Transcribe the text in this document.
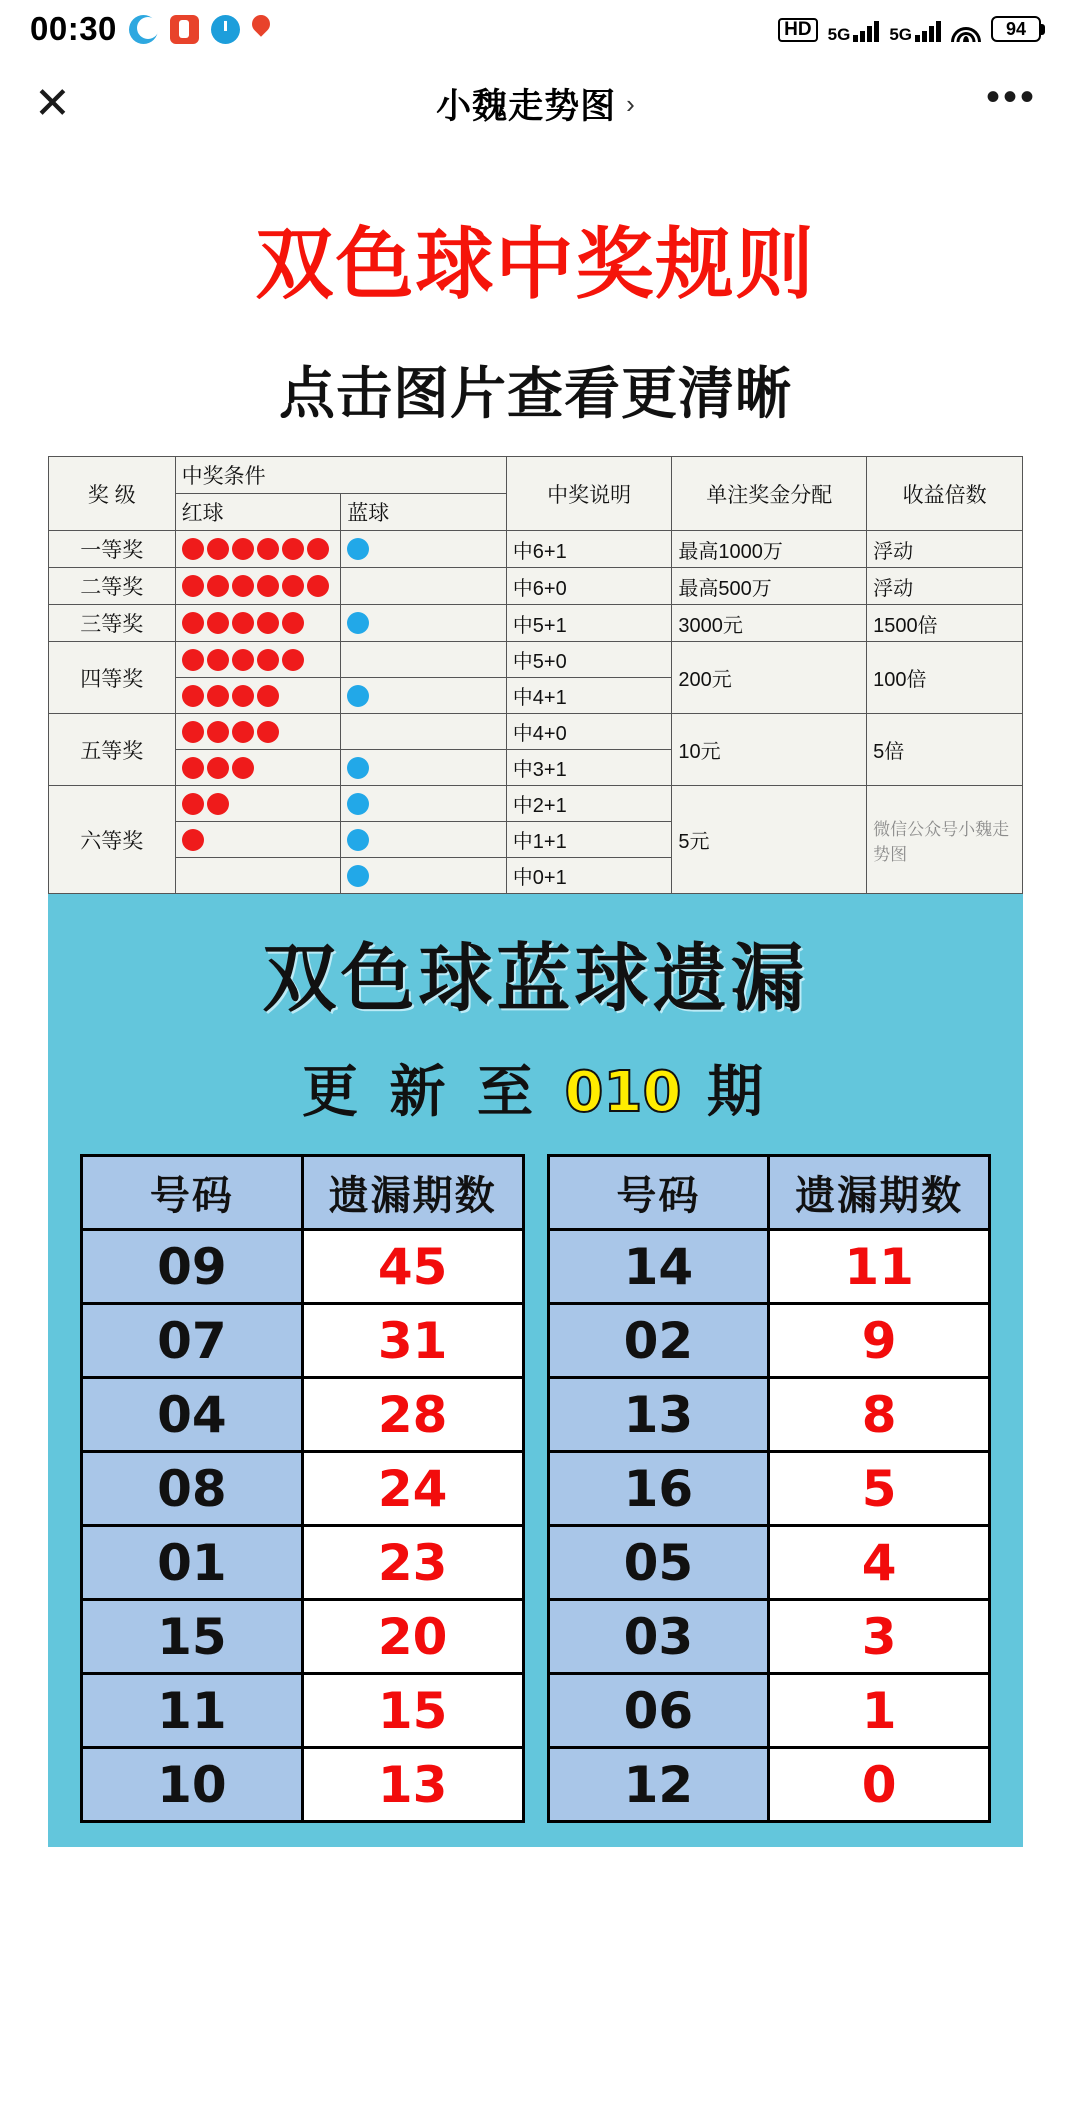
00:30	HD 5G 5G ▲	94
✕	小魏走势图 ›	•••
双色球中奖规则
点击图片查看更清晰
奖 级	中奖条件		中奖说明	单注奖金分配	收益倍数
	红球	蓝球			
一等奖			中6+1	最高1000万	浮动
二等奖			中6+0	最高500万	浮动
三等奖			中5+1	3000元	1500倍
四等奖			中5+0	200元	100倍

		中4+1		
五等奖			中4+0	10元	5倍

		中3+1		
六等奖			中2+1	5元	微信公众号小魏走势图

		中1+1		

		中0+1		
双色球蓝球遗漏
更 新 至 010 期
号码	遗漏期数
09	45
07	31
04	28
08	24
01	23
15	20
11	15
10	13
号码	遗漏期数
14	11
02	9
13	8
16	5
05	4
03	3
06	1
12	0
